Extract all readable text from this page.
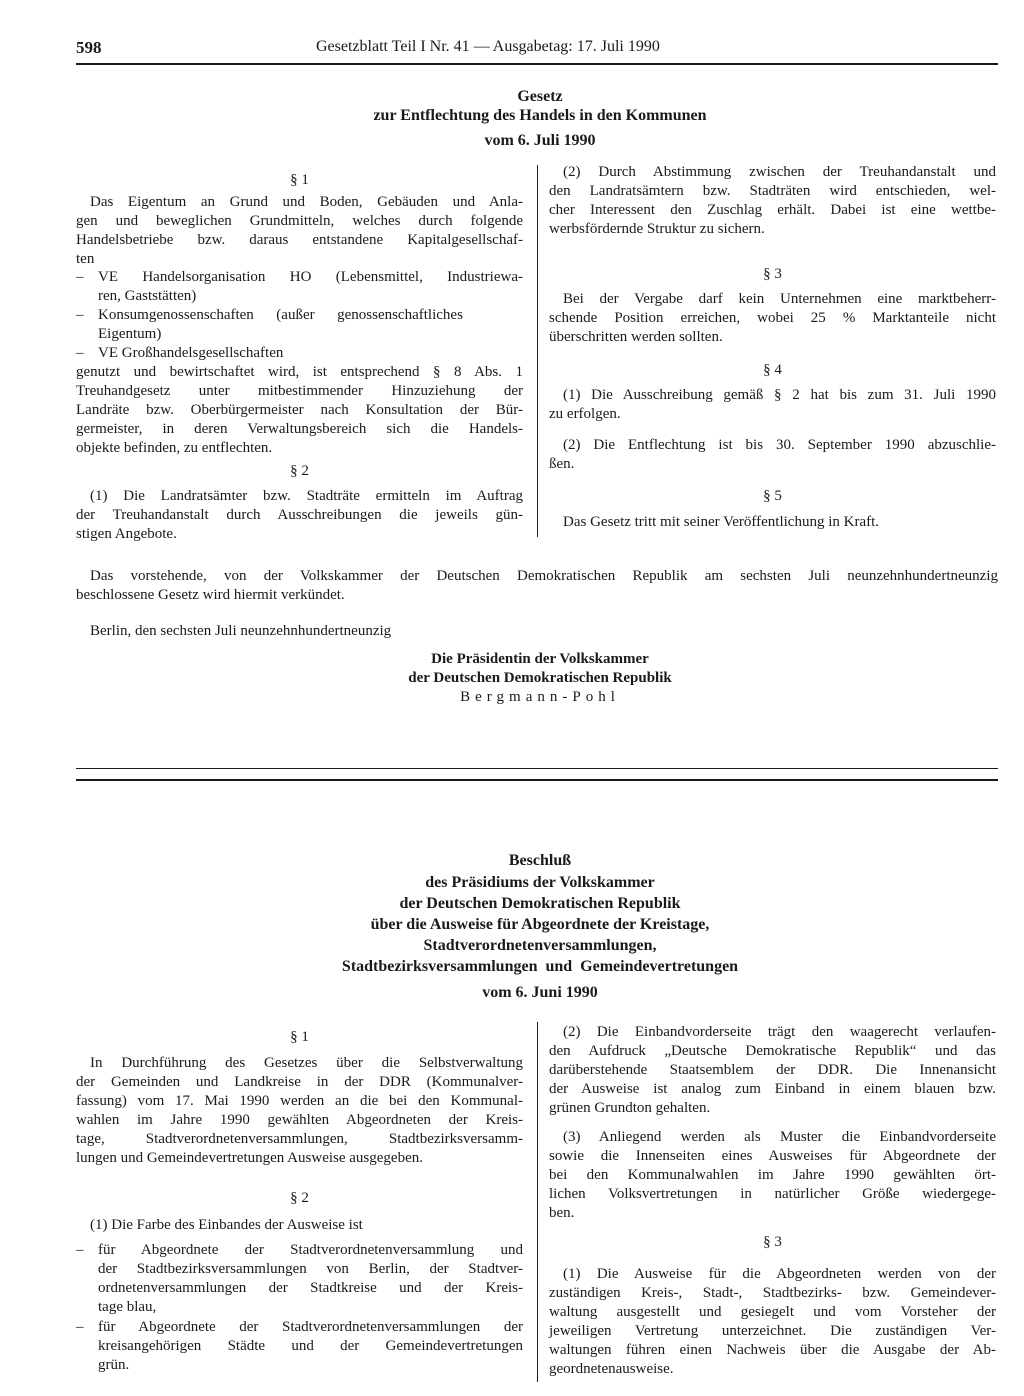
598	Gesetzblatt Teil I Nr. 41 — Ausgabetag: 17. Juli 1990
Gesetz
zur Entflechtung des Handels in den Kommunen
vom 6. Juli 1990
§ 1
Das Eigentum an Grund und Boden, Gebäuden und Anla-
gen und beweglichen Grundmitteln, welches durch folgende
Handelsbetriebe bzw. daraus entstandene Kapitalgesellschaf-
ten
– VE Handelsorganisation HO (Lebensmittel, Industriewa-
ren, Gaststätten)
– Konsumgenossenschaften      (außer      genossenschaftliches
Eigentum)
– VE Großhandelsgesellschaften
genutzt und bewirtschaftet wird, ist entsprechend § 8 Abs. 1
Treuhandgesetz unter mitbestimmender Hinzuziehung der
Landräte bzw. Oberbürgermeister nach Konsultation der Bür-
germeister, in deren Verwaltungsbereich sich die Handels-
objekte befinden, zu entflechten.
§ 2
(1) Die Landratsämter bzw. Stadträte ermitteln im Auftrag
der Treuhandanstalt durch Ausschreibungen die jeweils gün-
stigen Angebote.
(2) Durch Abstimmung zwischen der Treuhandanstalt und
den Landratsämtern bzw. Stadträten wird entschieden, wel-
cher Interessent den Zuschlag erhält. Dabei ist eine wettbe-
werbsfördernde Struktur zu sichern.
§ 3
Bei der Vergabe darf kein Unternehmen eine marktbeherr-
schende Position erreichen, wobei 25 % Marktanteile nicht
überschritten werden sollten.
§ 4
(1) Die Ausschreibung gemäß § 2 hat bis zum 31. Juli 1990
zu erfolgen.
(2) Die Entflechtung ist bis 30. September 1990 abzuschlie-
ßen.
§ 5
Das Gesetz tritt mit seiner Veröffentlichung in Kraft.
Das vorstehende, von der Volkskammer der Deutschen Demokratischen Republik am sechsten Juli neunzehnhundertneunzig
beschlossene Gesetz wird hiermit verkündet.
Berlin, den sechsten Juli neunzehnhundertneunzig
Die Präsidentin der Volkskammer
der Deutschen Demokratischen Republik
Bergmann-Pohl
Beschluß
des Präsidiums der Volkskammer
der Deutschen Demokratischen Republik
über die Ausweise für Abgeordnete der Kreistage,
Stadtverordnetenversammlungen,
Stadtbezirksversammlungen  und  Gemeindevertretungen
vom 6. Juni 1990
§ 1
In Durchführung des Gesetzes über die Selbstverwaltung
der Gemeinden und Landkreise in der DDR (Kommunalver-
fassung) vom 17. Mai 1990 werden an die bei den Kommunal-
wahlen im Jahre 1990 gewählten Abgeordneten der Kreis-
tage, Stadtverordnetenversammlungen, Stadtbezirksversamm-
lungen und Gemeindevertretungen Ausweise ausgegeben.
§ 2
(1) Die Farbe des Einbandes der Ausweise ist
– für Abgeordnete der Stadtverordnetenversammlung und
der Stadtbezirksversammlungen von Berlin, der Stadtver-
ordnetenversammlungen der Stadtkreise und der Kreis-
tage blau,
– für Abgeordnete der Stadtverordnetenversammlungen der
kreisangehörigen Städte und der Gemeindevertretungen
grün.
(2) Die Einbandvorderseite trägt den waagerecht verlaufen-
den Aufdruck „Deutsche Demokratische Republik“ und das
darüberstehende Staatsemblem der DDR. Die Innenansicht
der Ausweise ist analog zum Einband in einem blauen bzw.
grünen Grundton gehalten.
(3) Anliegend werden als Muster die Einbandvorderseite
sowie die Innenseiten eines Ausweises für Abgeordnete der
bei den Kommunalwahlen im Jahre 1990 gewählten ört-
lichen Volksvertretungen in natürlicher Größe wiedergege-
ben.
§ 3
(1) Die Ausweise für die Abgeordneten werden von der
zuständigen Kreis-, Stadt-, Stadtbezirks- bzw. Gemeindever-
waltung ausgestellt und gesiegelt und vom Vorsteher der
jeweiligen Vertretung unterzeichnet. Die zuständigen Ver-
waltungen führen einen Nachweis über die Ausgabe der Ab-
geordnetenausweise.
